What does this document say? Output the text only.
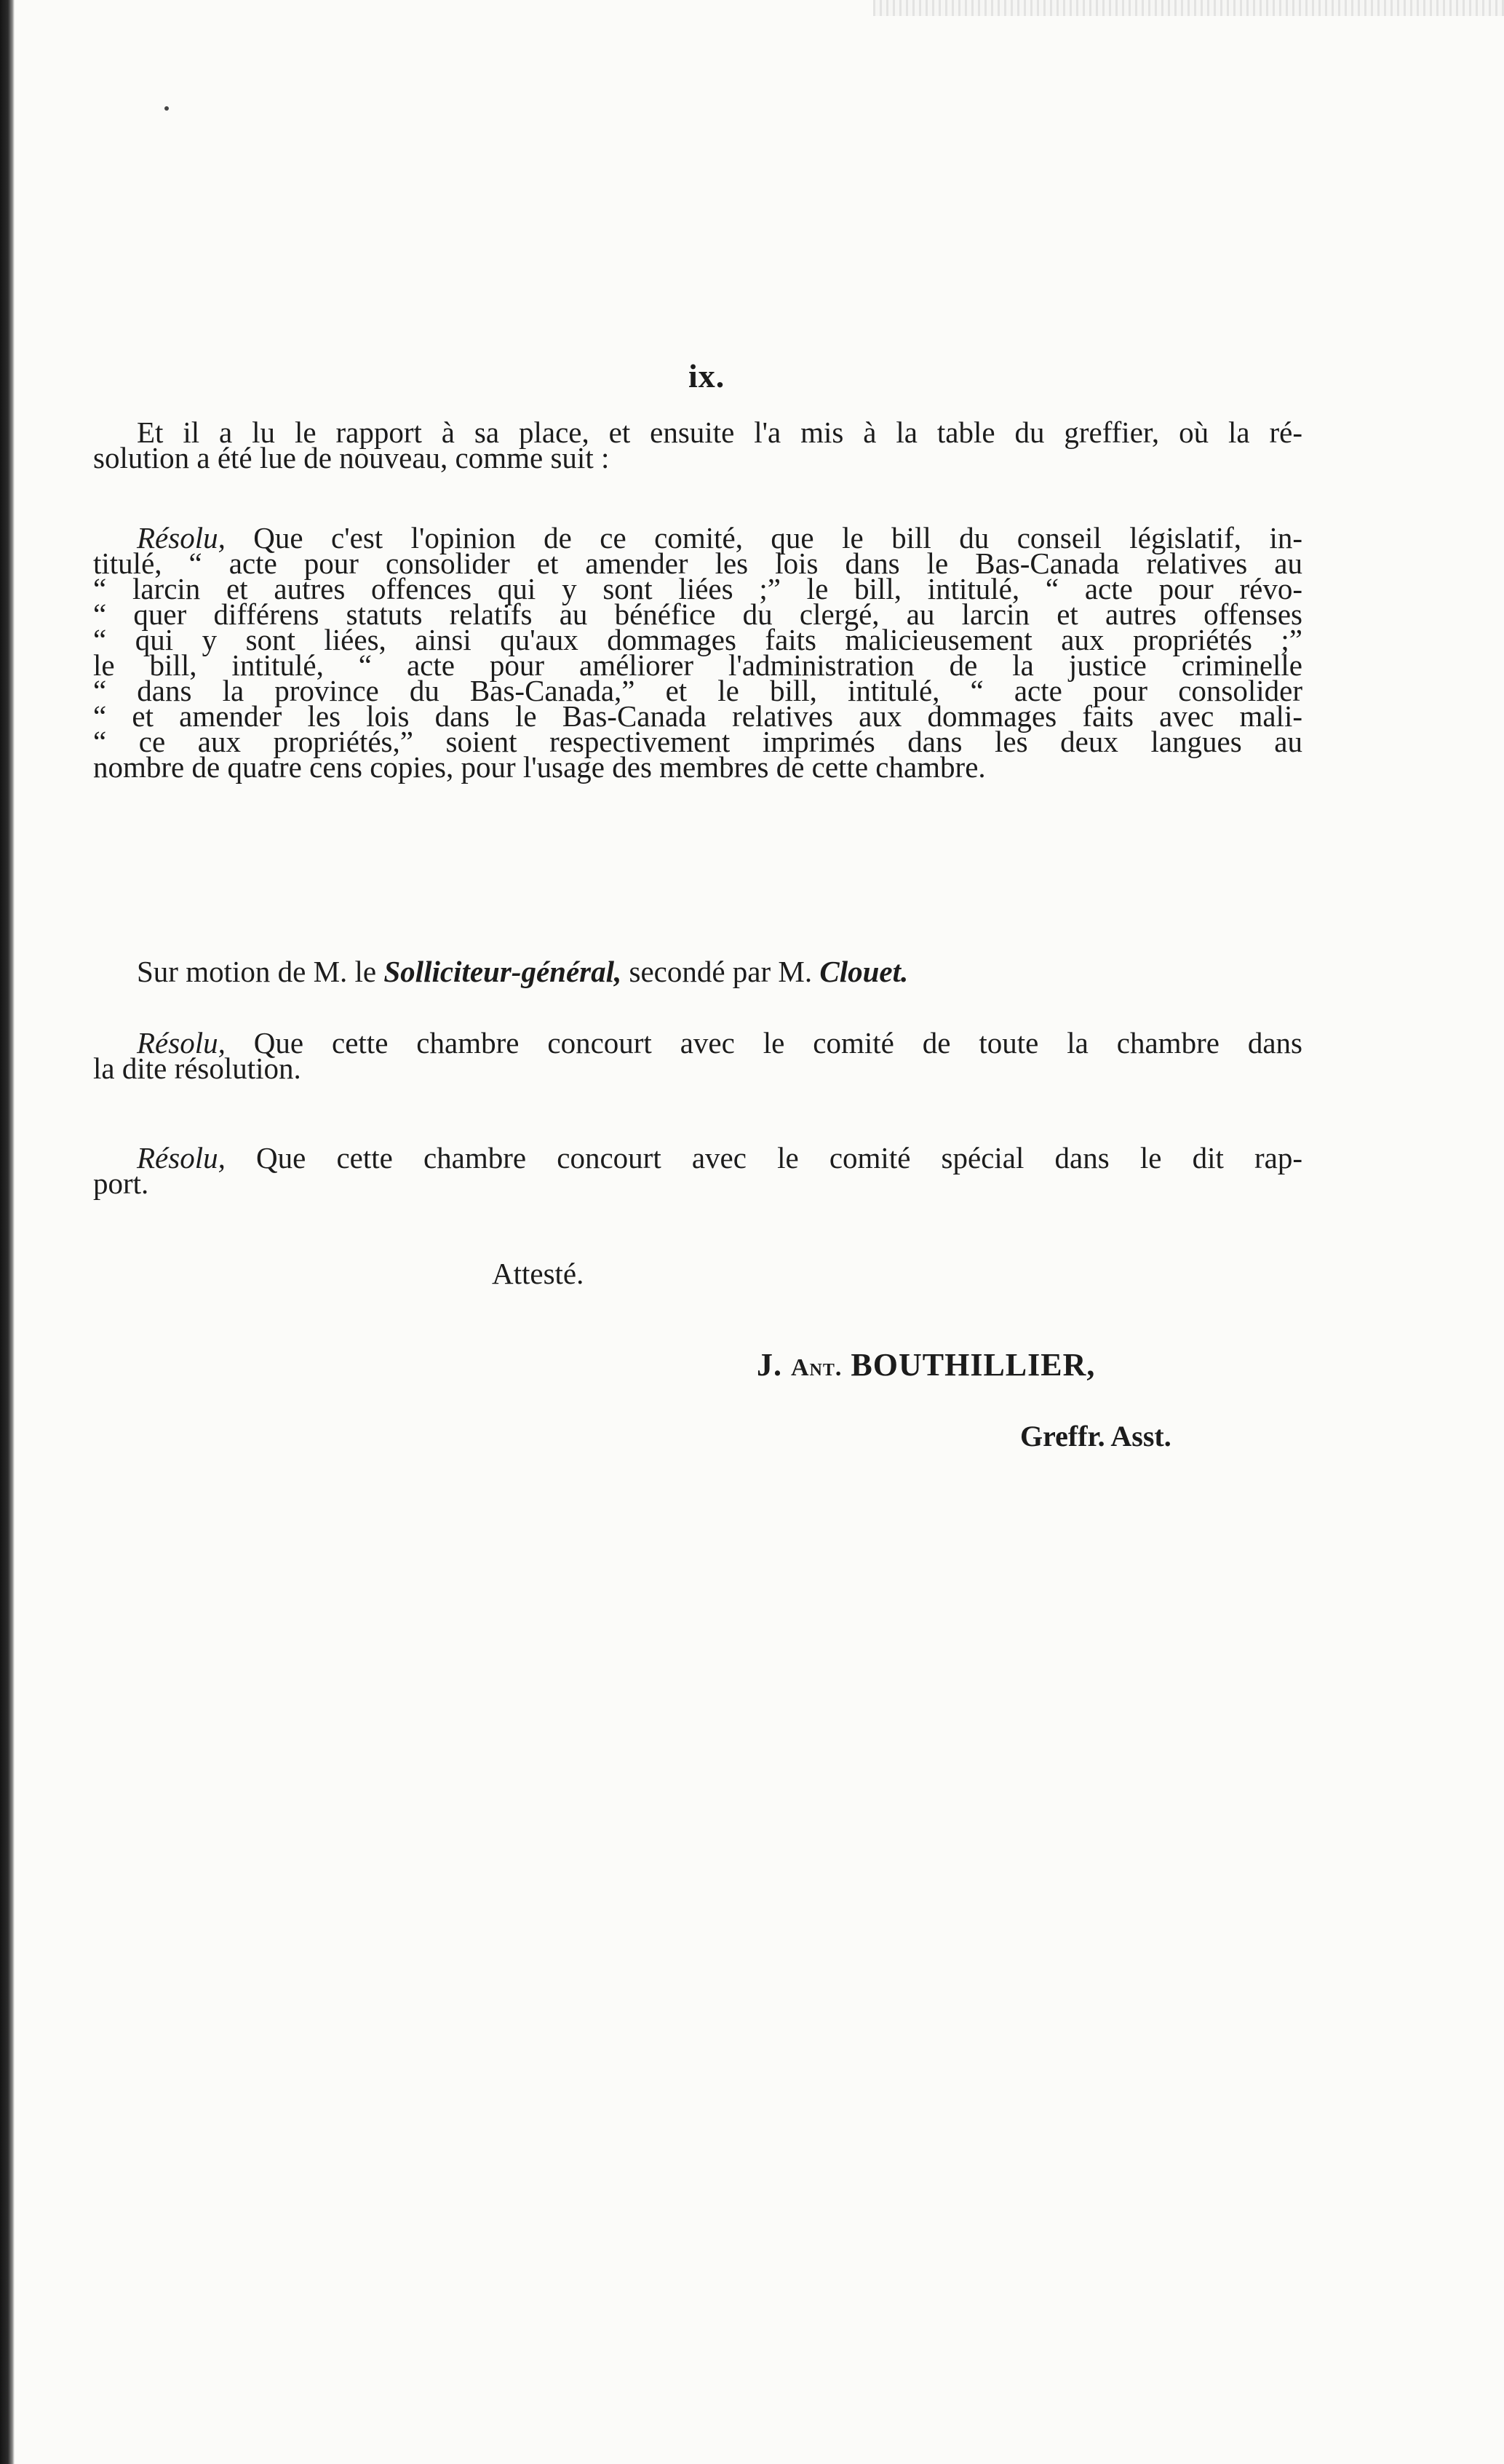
ix.
Et il a lu le rapport à sa place, et ensuite l'a mis à la table du greffier, où la ré-
solution a été lue de nouveau, comme suit :
Résolu, Que c'est l'opinion de ce comité, que le bill du conseil législatif, in-
titulé, “ acte pour consolider et amender les lois dans le Bas-Canada relatives au
“ larcin et autres offences qui y sont liées ;” le bill, intitulé, “ acte pour révo-
“ quer différens statuts relatifs au bénéfice du clergé, au larcin et autres offenses
“ qui y sont liées, ainsi qu'aux dommages faits malicieusement aux propriétés ;”
le bill, intitulé, “ acte pour améliorer l'administration de la justice criminelle
“ dans la province du Bas-Canada,” et le bill, intitulé, “ acte pour consolider
“ et amender les lois dans le Bas-Canada relatives aux dommages faits avec mali-
“ ce aux propriétés,” soient respectivement imprimés dans les deux langues au
nombre de quatre cens copies, pour l'usage des membres de cette chambre.
Sur motion de M. le Solliciteur-général, secondé par M. Clouet.
Résolu, Que cette chambre concourt avec le comité de toute la chambre dans
la dite résolution.
Résolu, Que cette chambre concourt avec le comité spécial dans le dit rap-
port.
Attesté.
J. Ant. BOUTHILLIER,
Greffr. Asst.
